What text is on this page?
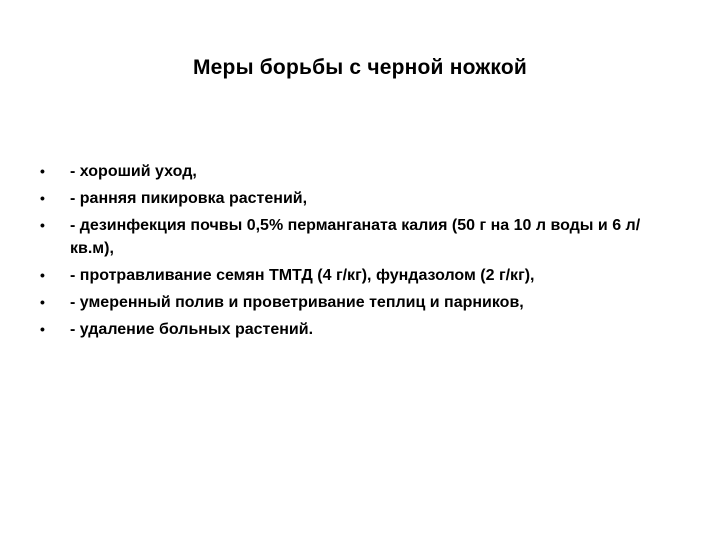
Меры борьбы с черной ножкой
•	- хороший уход,
•	- ранняя пикировка растений,
•	- дезинфекция почвы 0,5% перманганата калия (50 г на 10 л воды и 6 л/кв.м),
•	- протравливание семян ТМТД (4 г/кг), фундазолом (2 г/кг),
•	- умеренный полив и проветривание теплиц и парников,
•	- удаление больных растений.
